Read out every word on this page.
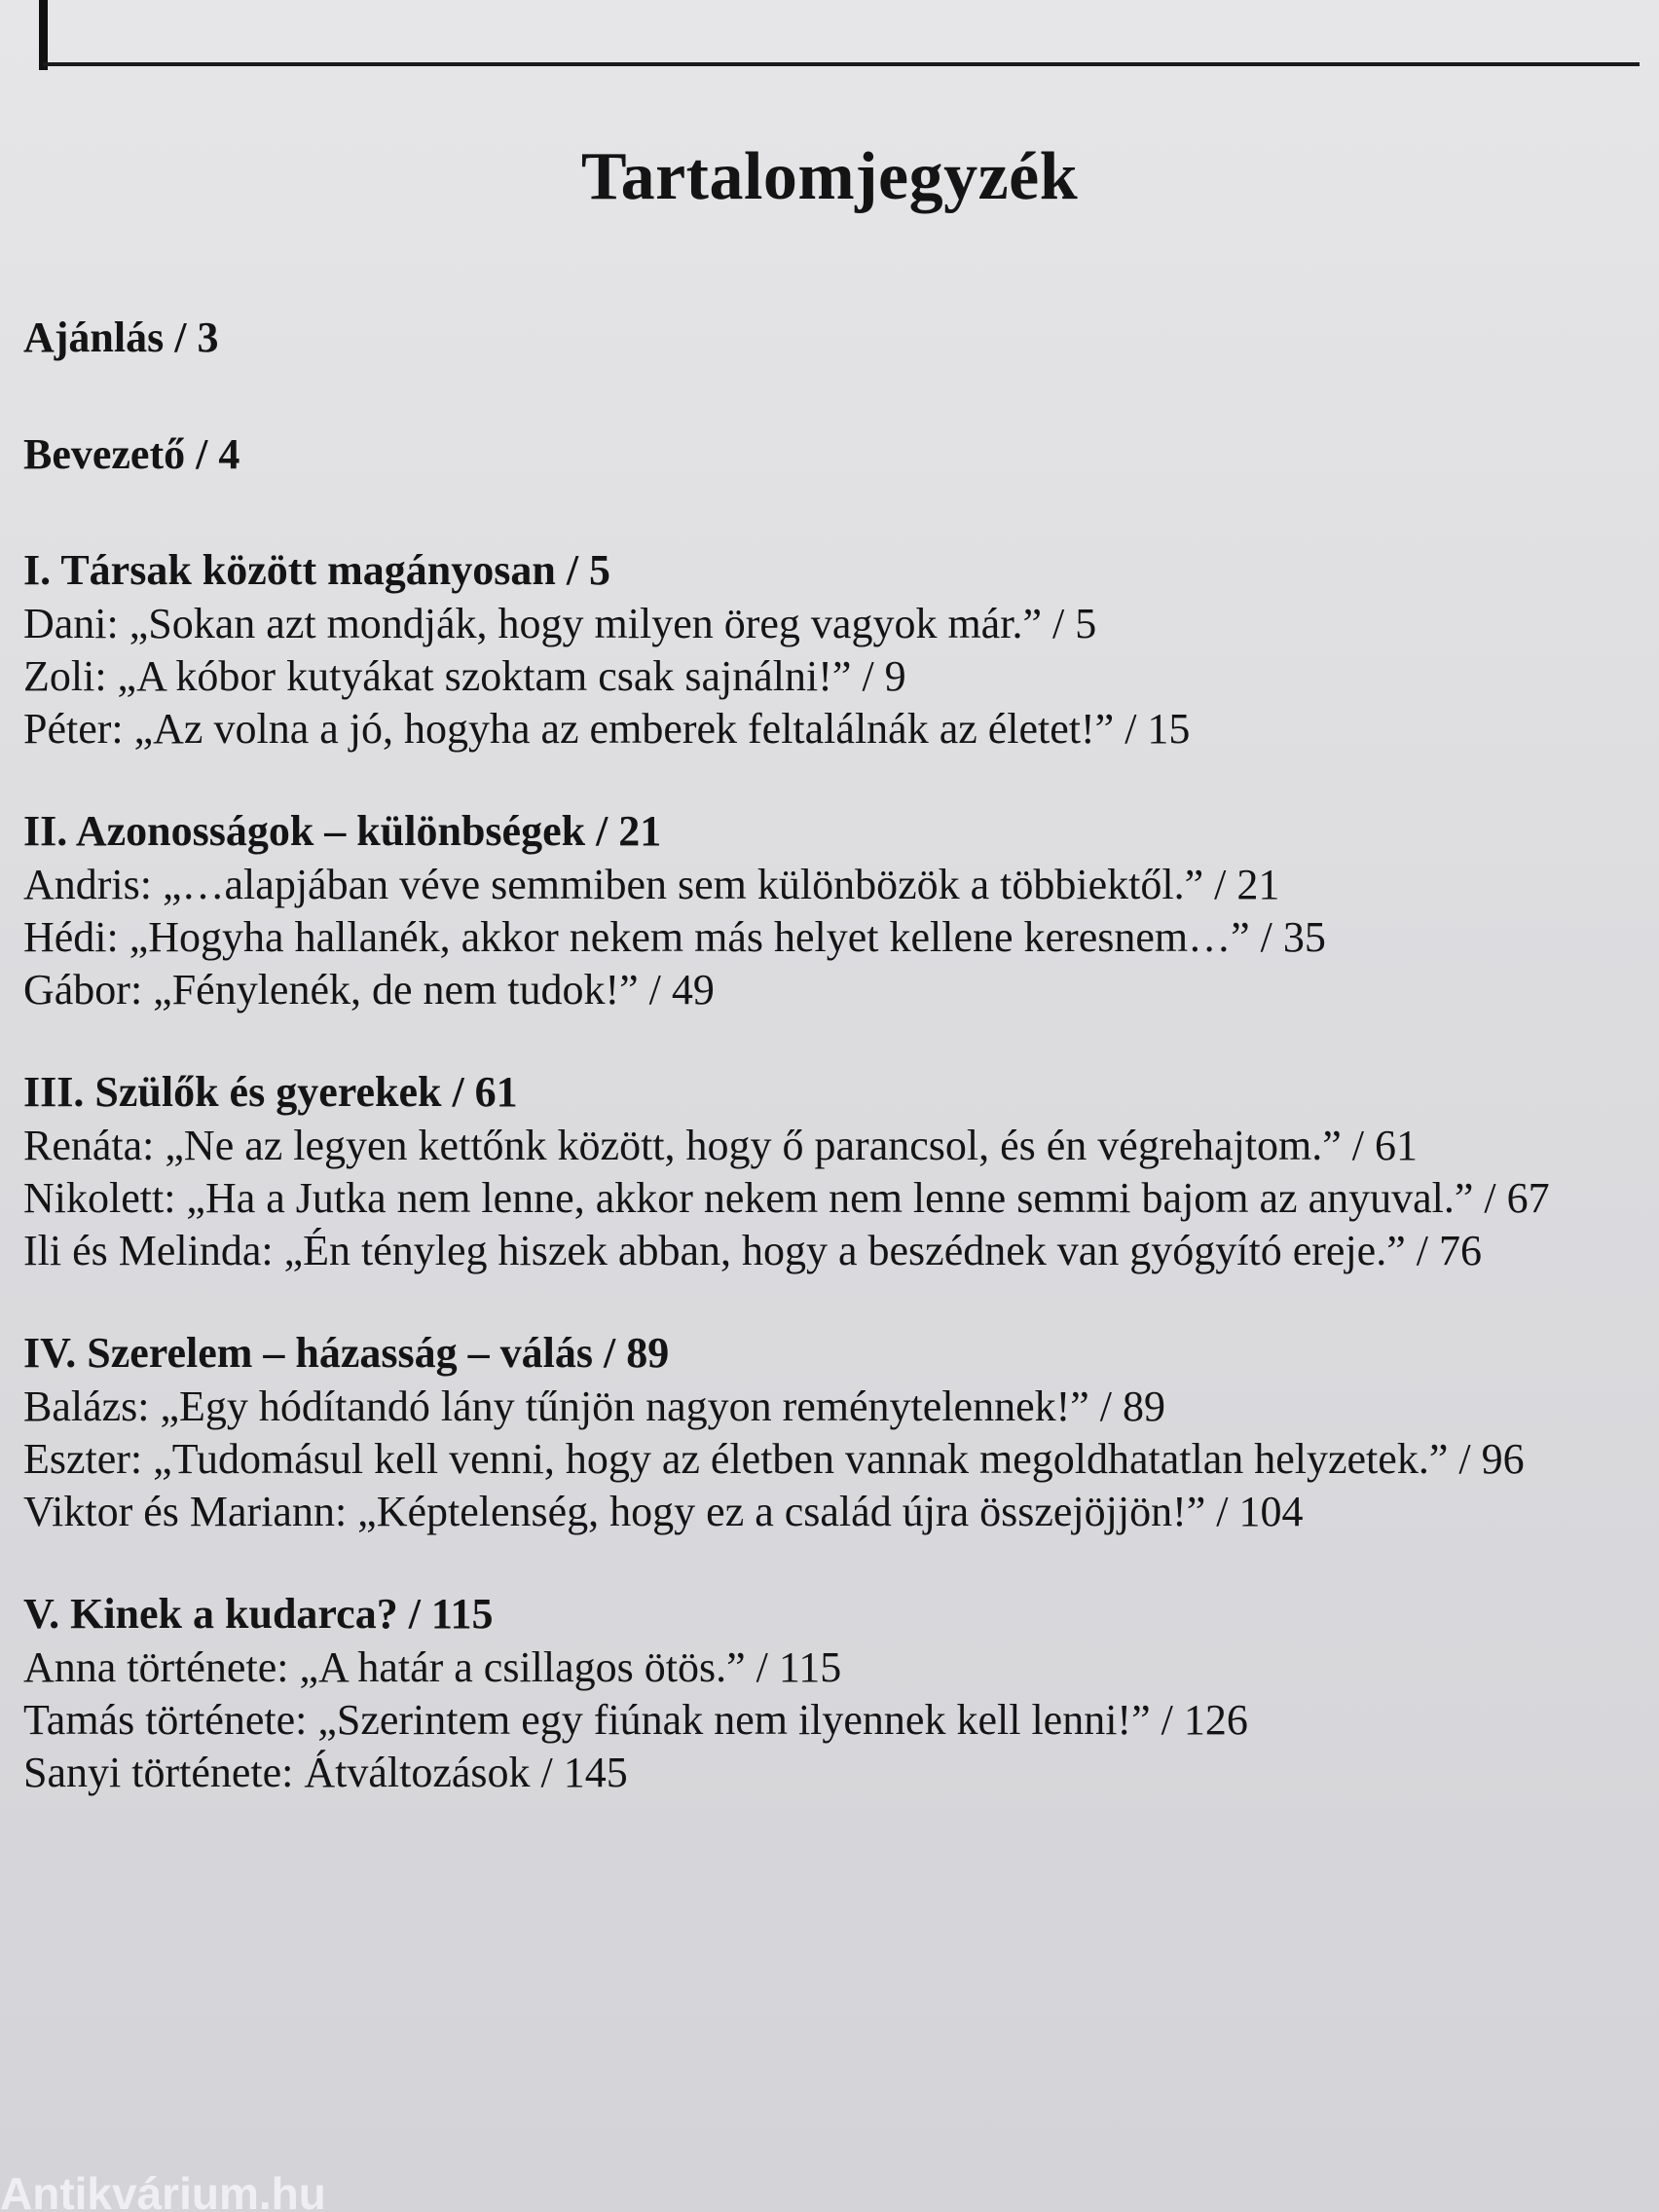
Tartalomjegyzék
Ajánlás / 3
Bevezető / 4
I. Társak között magányosan / 5
Dani: „Sokan azt mondják, hogy milyen öreg vagyok már.” / 5
Zoli: „A kóbor kutyákat szoktam csak sajnálni!” / 9
Péter: „Az volna a jó, hogyha az emberek feltalálnák az életet!” / 15
II. Azonosságok – különbségek / 21
Andris: „…alapjában véve semmiben sem különbözök a többiektől.” / 21
Hédi: „Hogyha hallanék, akkor nekem más helyet kellene keresnem…” / 35
Gábor: „Fénylenék, de nem tudok!” / 49
III. Szülők és gyerekek / 61
Renáta: „Ne az legyen kettőnk között, hogy ő parancsol, és én végrehajtom.” / 61
Nikolett: „Ha a Jutka nem lenne, akkor nekem nem lenne semmi bajom az anyuval.” / 67
Ili és Melinda: „Én tényleg hiszek abban, hogy a beszédnek van gyógyító ereje.” / 76
IV. Szerelem – házasság – válás / 89
Balázs: „Egy hódítandó lány tűnjön nagyon reménytelennek!” / 89
Eszter: „Tudomásul kell venni, hogy az életben vannak megoldhatatlan helyzetek.” / 96
Viktor és Mariann: „Képtelenség, hogy ez a család újra összejöjjön!” / 104
V. Kinek a kudarca? / 115
Anna története: „A határ a csillagos ötös.” / 115
Tamás története: „Szerintem egy fiúnak nem ilyennek kell lenni!” / 126
Sanyi története: Átváltozások / 145
Antikvárium.hu
